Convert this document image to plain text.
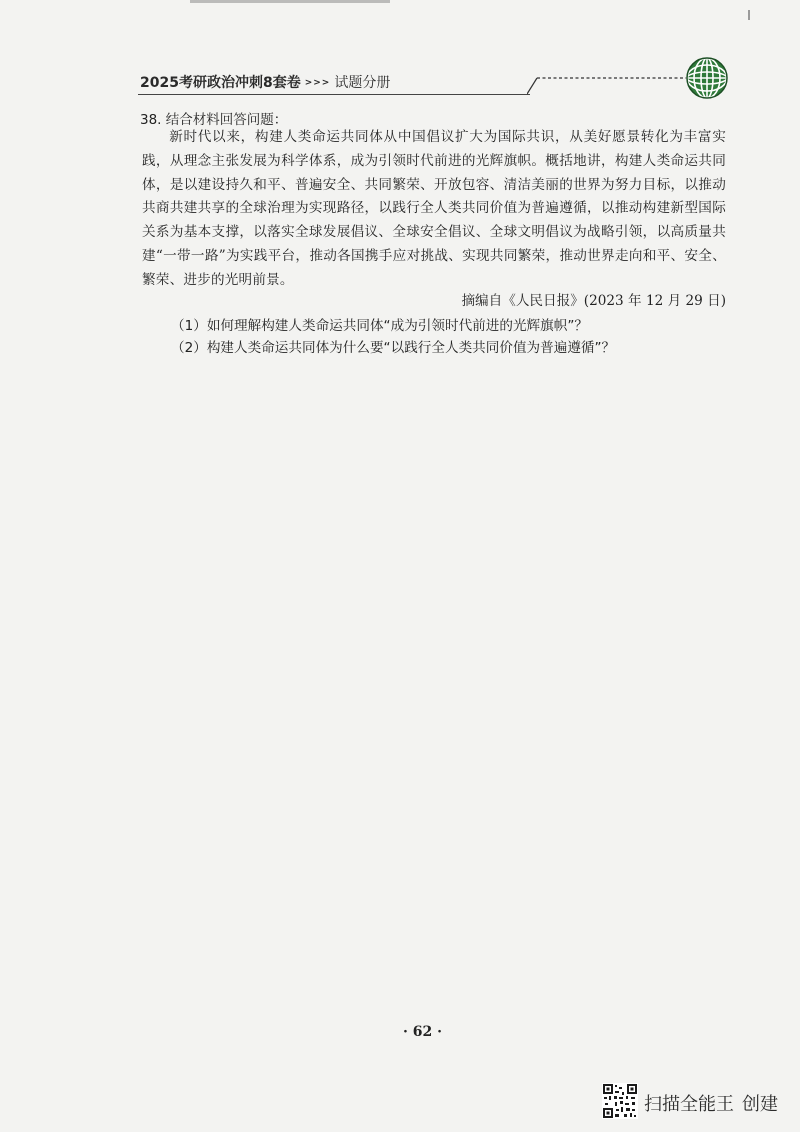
2025考研政治冲刺8套卷 >>> 试题分册
38. 结合材料回答问题：

新时代以来，构建人类命运共同体从中国倡议扩大为国际共识，从美好愿景转化为丰富实践，从理念主张发展为科学体系，成为引领时代前进的光辉旗帜。概括地讲，构建人类命运共同体，是以建设持久和平、普遍安全、共同繁荣、开放包容、清洁美丽的世界为努力目标，以推动共商共建共享的全球治理为实现路径，以践行全人类共同价值为普遍遵循，以推动构建新型国际关系为基本支撑，以落实全球发展倡议、全球安全倡议、全球文明倡议为战略引领，以高质量共建“一带一路”为实践平台，推动各国携手应对挑战、实现共同繁荣，推动世界走向和平、安全、繁荣、进步的光明前景。

摘编自《人民日报》(2023 年 12 月 29 日)
（1）如何理解构建人类命运共同体“成为引领时代前进的光辉旗帜”？
（2）构建人类命运共同体为什么要“以践行全人类共同价值为普遍遵循”？
· 62 ·
扫描全能王 创建
